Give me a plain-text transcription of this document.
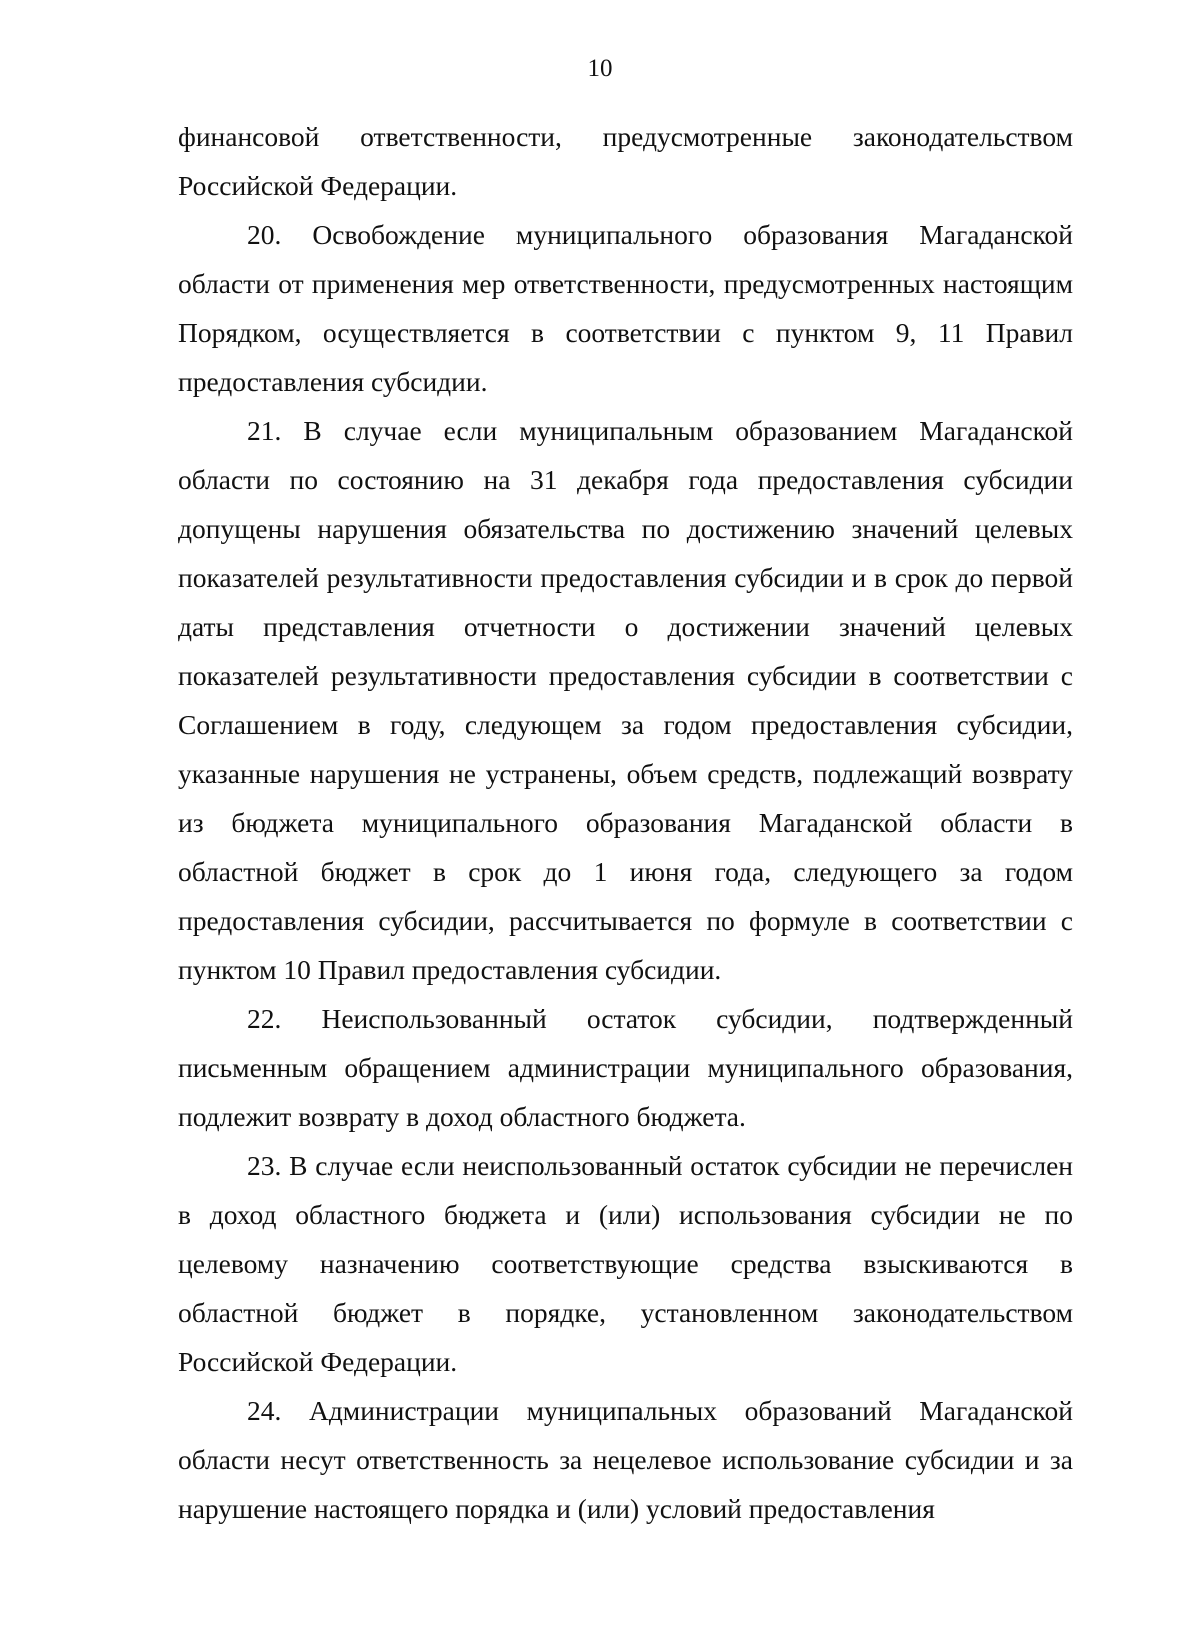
10

финансовой ответственности, предусмотренные законодательством Российской Федерации.

20. Освобождение муниципального образования Магаданской области от применения мер ответственности, предусмотренных настоящим Порядком, осуществляется в соответствии с пунктом 9, 11 Правил предоставления субсидии.

21. В случае если муниципальным образованием Магаданской области по состоянию на 31 декабря года предоставления субсидии допущены нарушения обязательства по достижению значений целевых показателей результативности предоставления субсидии и в срок до первой даты представления отчетности о достижении значений целевых показателей результативности предоставления субсидии в соответствии с Соглашением в году, следующем за годом предоставления субсидии, указанные нарушения не устранены, объем средств, подлежащий возврату из бюджета муниципального образования Магаданской области в областной бюджет в срок до 1 июня года, следующего за годом предоставления субсидии, рассчитывается по формуле в соответствии с пунктом 10 Правил предоставления субсидии.

22. Неиспользованный остаток субсидии, подтвержденный письменным обращением администрации муниципального образования, подлежит возврату в доход областного бюджета.

23. В случае если неиспользованный остаток субсидии не перечислен в доход областного бюджета и (или) использования субсидии не по целевому назначению соответствующие средства взыскиваются в областной бюджет в порядке, установленном законодательством Российской Федерации.

24. Администрации муниципальных образований Магаданской области несут ответственность за нецелевое использование субсидии и за нарушение настоящего порядка и (или) условий предоставления
